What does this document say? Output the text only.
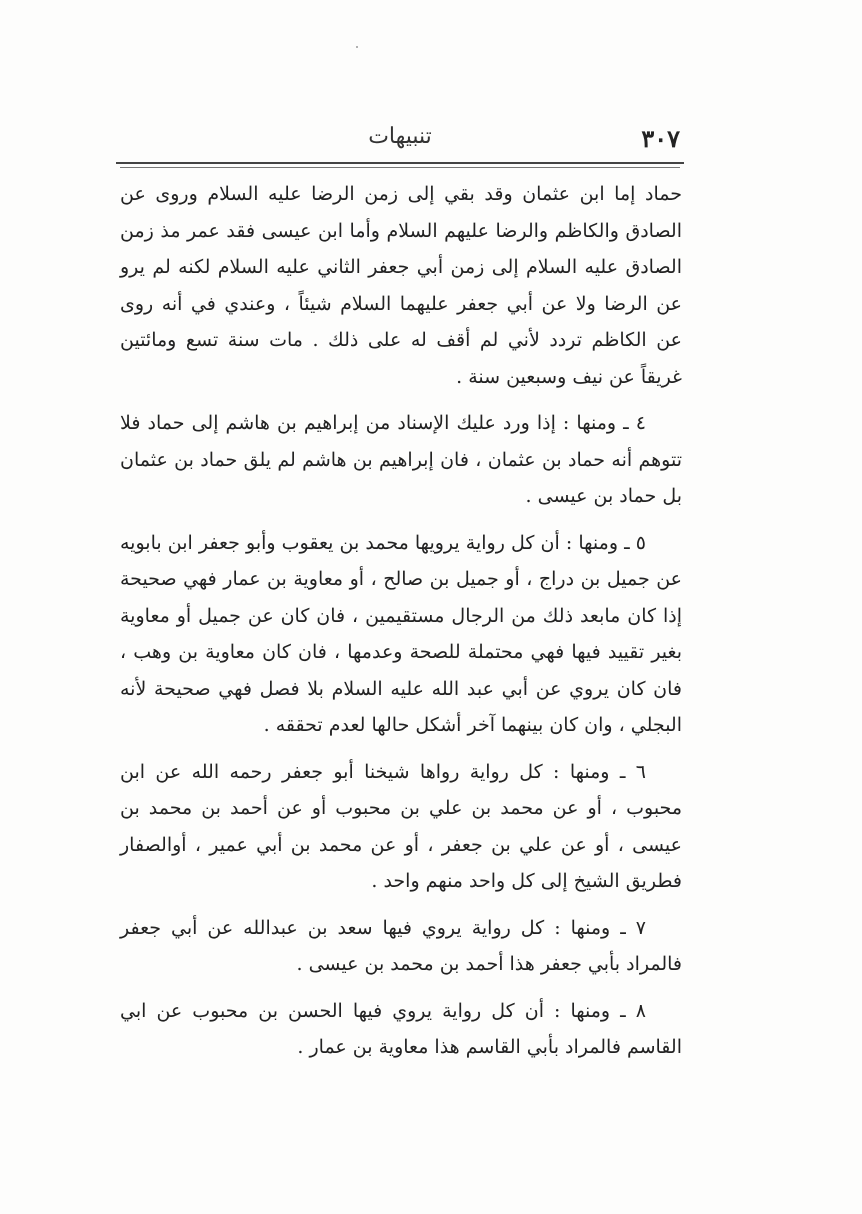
٣٠٧
تنبيهات

حماد إما ابن عثمان وقد بقي إلى زمن الرضا عليه السلام وروى عن الصادق والكاظم والرضا عليهم السلام وأما ابن عيسى فقد عمر مذ زمن الصادق عليه السلام إلى زمن أبي جعفر الثاني عليه السلام لكنه لم يرو عن الرضا ولا عن أبي جعفر عليهما السلام شيئاً ، وعندي في أنه روى عن الكاظم تردد لأني لم أقف له على ذلك . مات سنة تسع ومائتين غريقاً عن نيف وسبعين سنة .

٤ ـ ومنها : إذا ورد عليك الإسناد من إبراهيم بن هاشم إلى حماد فلا تتوهم أنه حماد بن عثمان ، فان إبراهيم بن هاشم لم يلق حماد بن عثمان بل حماد بن عيسى .

٥ ـ ومنها : أن كل رواية يرويها محمد بن يعقوب وأبو جعفر ابن بابويه عن جميل بن دراج ، أو جميل بن صالح ، أو معاوية بن عمار فهي صحيحة إذا كان مابعد ذلك من الرجال مستقيمين ، فان كان عن جميل أو معاوية بغير تقييد فيها فهي محتملة للصحة وعدمها ، فان كان معاوية بن وهب ، فان كان يروي عن أبي عبد الله عليه السلام بلا فصل فهي صحيحة لأنه البجلي ، وان كان بينهما آخر أشكل حالها لعدم تحققه .

٦ ـ ومنها : كل رواية رواها شيخنا أبو جعفر رحمه الله عن ابن محبوب ، أو عن محمد بن علي بن محبوب أو عن أحمد بن محمد بن عيسى ، أو عن علي بن جعفر ، أو عن محمد بن أبي عمير ، أوالصفار فطريق الشيخ إلى كل واحد منهم واحد .

٧ ـ ومنها : كل رواية يروي فيها سعد بن عبدالله عن أبي جعفر فالمراد بأبي جعفر هذا أحمد بن محمد بن عيسى .

٨ ـ ومنها : أن كل رواية يروي فيها الحسن بن محبوب عن ابي القاسم فالمراد بأبي القاسم هذا معاوية بن عمار .
